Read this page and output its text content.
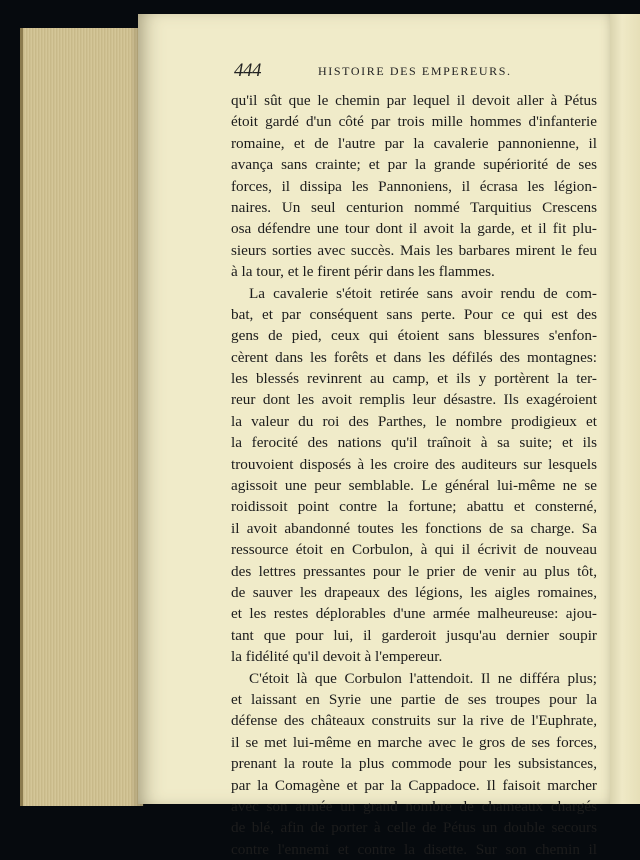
444	HISTOIRE DES EMPEREURS.
qu'il sût que le chemin par lequel il devoit aller à Pétus
étoit gardé d'un côté par trois mille hommes d'infanterie
romaine, et de l'autre par la cavalerie pannonienne, il
avança sans crainte; et par la grande supériorité de ses
forces, il dissipa les Pannoniens, il écrasa les légion-
naires. Un seul centurion nommé Tarquitius Crescens
osa défendre une tour dont il avoit la garde, et il fit plu-
sieurs sorties avec succès. Mais les barbares mirent le feu
à la tour, et le firent périr dans les flammes.
La cavalerie s'étoit retirée sans avoir rendu de com-
bat, et par conséquent sans perte. Pour ce qui est des
gens de pied, ceux qui étoient sans blessures s'enfon-
cèrent dans les forêts et dans les défilés des montagnes:
les blessés revinrent au camp, et ils y portèrent la ter-
reur dont les avoit remplis leur désastre. Ils exagéroient
la valeur du roi des Parthes, le nombre prodigieux et
la ferocité des nations qu'il traînoit à sa suite; et ils
trouvoient disposés à les croire des auditeurs sur lesquels
agissoit une peur semblable. Le général lui-même ne se
roidissoit point contre la fortune; abattu et consterné,
il avoit abandonné toutes les fonctions de sa charge. Sa
ressource étoit en Corbulon, à qui il écrivit de nouveau
des lettres pressantes pour le prier de venir au plus tôt,
de sauver les drapeaux des légions, les aigles romaines,
et les restes déplorables d'une armée malheureuse: ajou-
tant que pour lui, il garderoit jusqu'au dernier soupir
la fidélité qu'il devoit à l'empereur.
C'étoit là que Corbulon l'attendoit. Il ne différa plus;
et laissant en Syrie une partie de ses troupes pour la
défense des châteaux construits sur la rive de l'Euphrate,
il se met lui-même en marche avec le gros de ses forces,
prenant la route la plus commode pour les subsistances,
par la Comagène et par la Cappadoce. Il faisoit marcher
avec son armée un grand nombre de chameaux chargés
de blé, afin de porter à celle de Pétus un double secours
contre l'ennemi et contre la disette. Sur son chemin il
